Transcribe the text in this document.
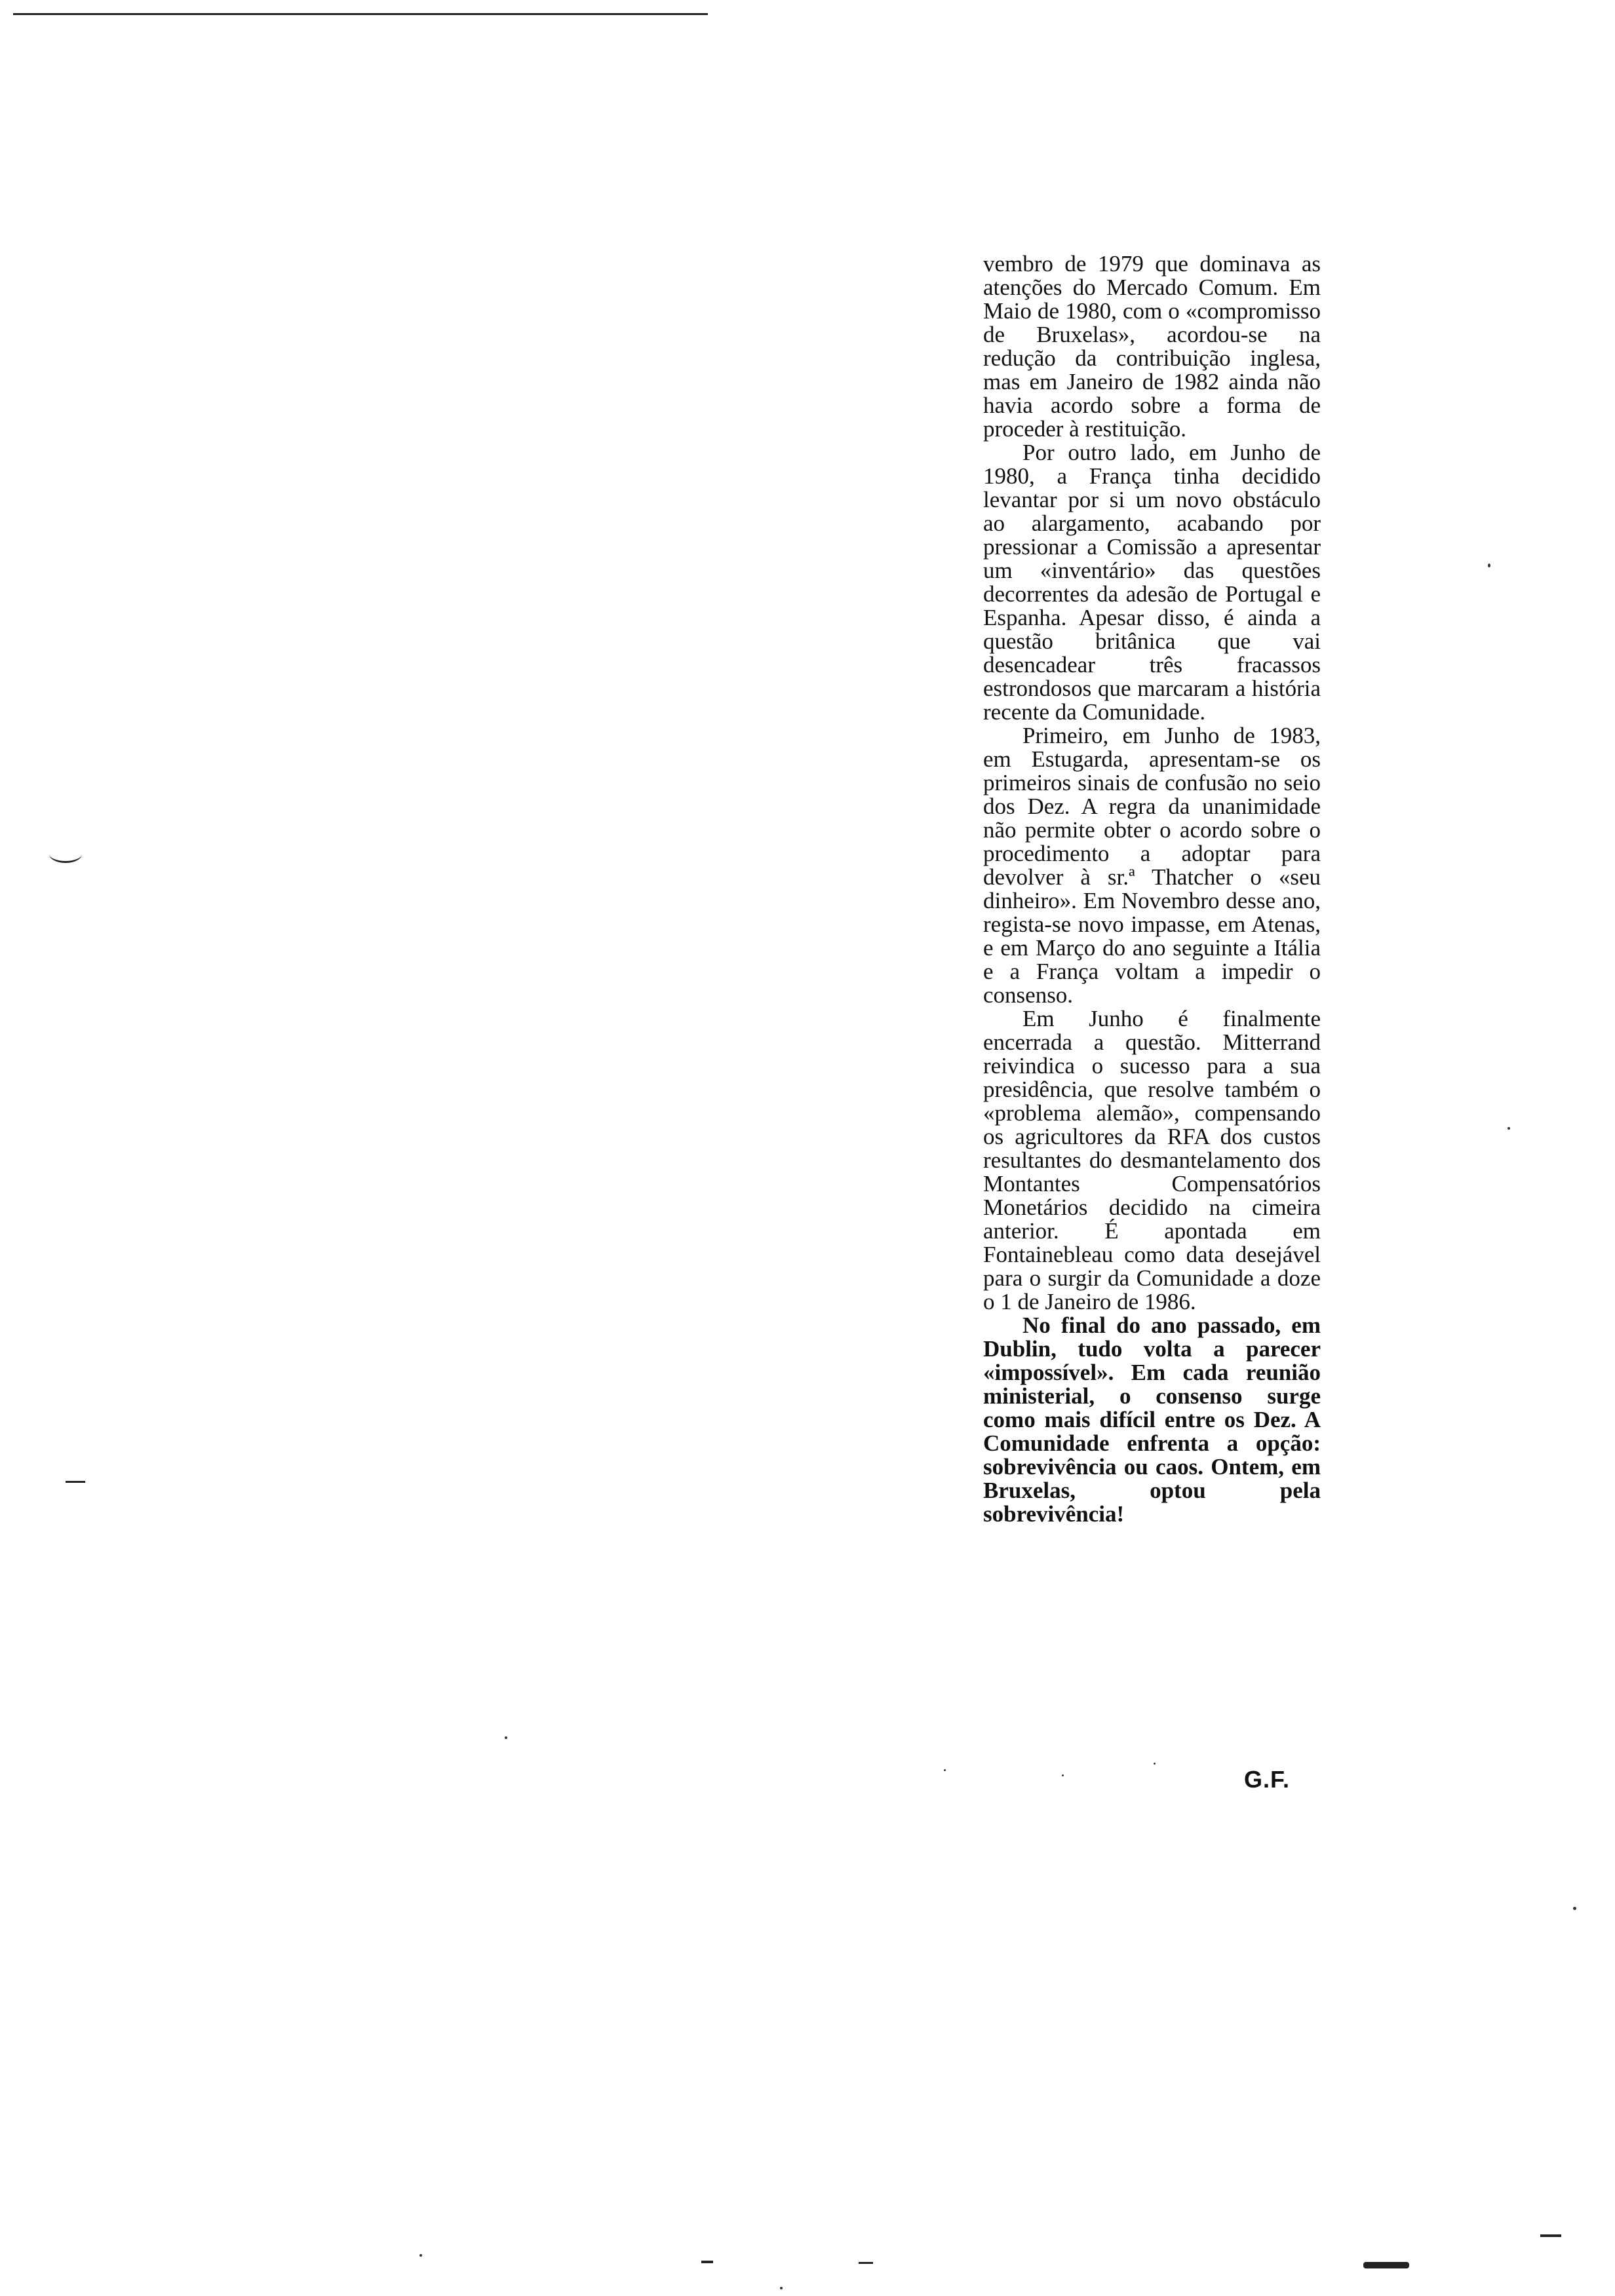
vembro de 1979 que dominava as atenções do Mercado Comum. Em Maio de 1980, com o «compromisso de Bruxelas», acordou-se na redução da contribuição inglesa, mas em Janeiro de 1982 ainda não havia acordo sobre a forma de proceder à restituição.

Por outro lado, em Junho de 1980, a França tinha decidido levantar por si um novo obstáculo ao alargamento, acabando por pressionar a Comissão a apresentar um «inventário» das questões decorrentes da adesão de Portugal e Espanha. Apesar disso, é ainda a questão britânica que vai desencadear três fracassos estrondosos que marcaram a história recente da Comunidade.

Primeiro, em Junho de 1983, em Estugarda, apresentam-se os primeiros sinais de confusão no seio dos Dez. A regra da unanimidade não permite obter o acordo sobre o procedimento a adoptar para devolver à sr.ª Thatcher o «seu dinheiro». Em Novembro desse ano, regista-se novo impasse, em Atenas, e em Março do ano seguinte a Itália e a França voltam a impedir o consenso.

Em Junho é finalmente encerrada a questão. Mitterrand reivindica o sucesso para a sua presidência, que resolve também o «problema alemão», compensando os agricultores da RFA dos custos resultantes do desmantelamento dos Montantes Compensatórios Monetários decidido na cimeira anterior. É apontada em Fontainebleau como data desejável para o surgir da Comunidade a doze o 1 de Janeiro de 1986.

No final do ano passado, em Dublin, tudo volta a parecer «impossível». Em cada reunião ministerial, o consenso surge como mais difícil entre os Dez. A Comunidade enfrenta a opção: sobrevivência ou caos. Ontem, em Bruxelas, optou pela sobrevivência!

G.F.
